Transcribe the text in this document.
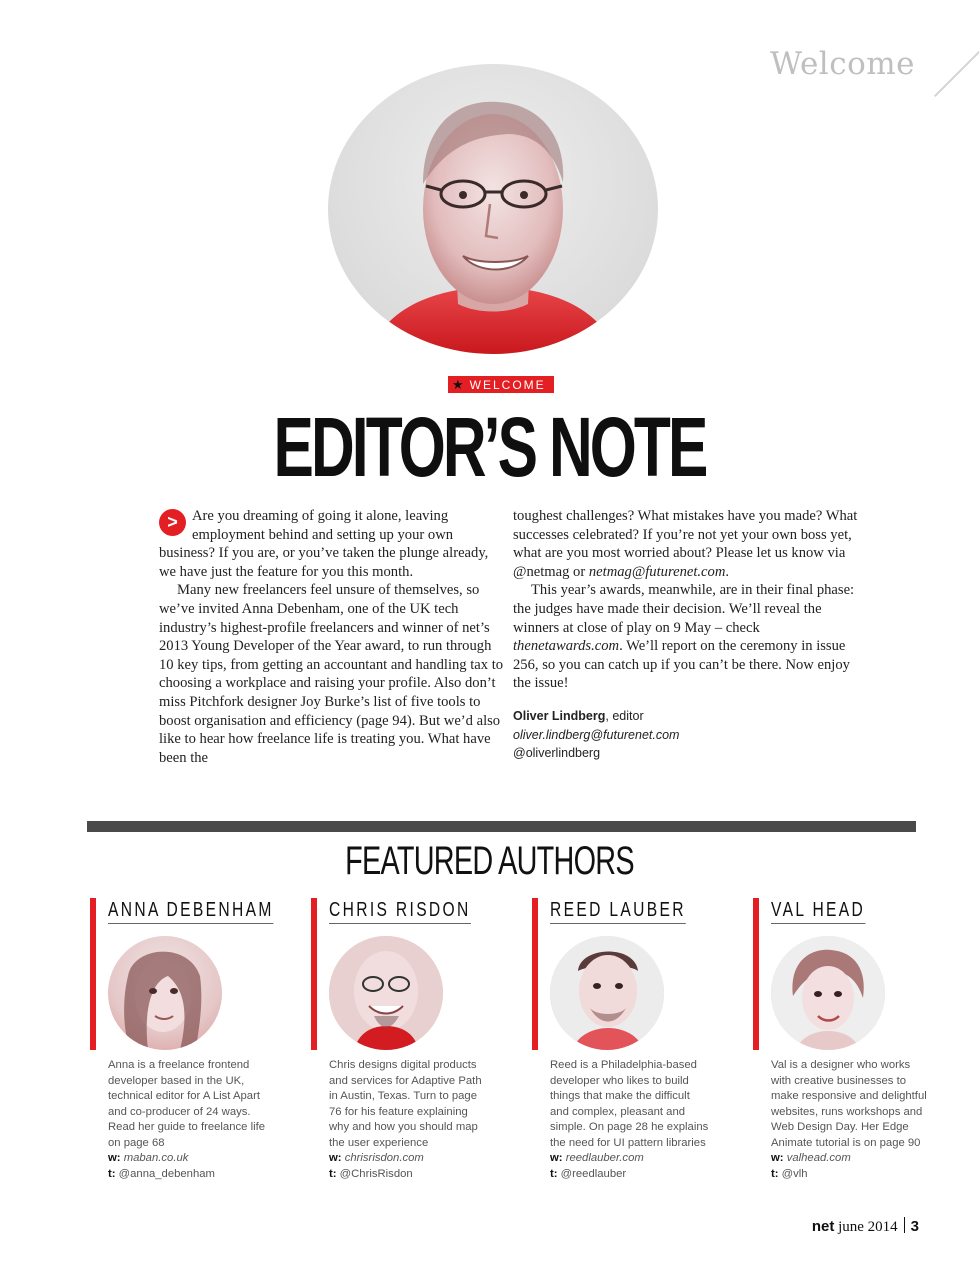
Welcome
★ WELCOME
EDITOR’S NOTE

> Are you dreaming of going it alone, leaving employment behind and setting up your own business? If you are, or you’ve taken the plunge already, we have just the feature for you this month.

Many new freelancers feel unsure of themselves, so we’ve invited Anna Debenham, one of the UK tech industry’s highest-profile freelancers and winner of net’s 2013 Young Developer of the Year award, to run through 10 key tips, from getting an accountant and handling tax to choosing a workplace and raising your profile. Also don’t miss Pitchfork designer Joy Burke’s list of five tools to boost organisation and efficiency (page 94). But we’d also like to hear how freelance life is treating you. What have been the

toughest challenges? What mistakes have you made? What successes celebrated? If you’re not yet your own boss yet, what are you most worried about? Please let us know via @netmag or netmag@futurenet.com.

This year’s awards, meanwhile, are in their final phase: the judges have made their decision. We’ll reveal the winners at close of play on 9 May – check thenetawards.com. We’ll report on the ceremony in issue 256, so you can catch up if you can’t be there. Now enjoy the issue!

Oliver Lindberg, editor
oliver.lindberg@futurenet.com
@oliverlindberg
FEATURED AUTHORS
ANNA DEBENHAM
Anna is a freelance frontend developer based in the UK, technical editor for A List Apart and co-producer of 24 ways. Read her guide to freelance life on page 68
w: maban.co.uk
t: @anna_debenham
CHRIS RISDON
Chris designs digital products and services for Adaptive Path in Austin, Texas. Turn to page 76 for his feature explaining why and how you should map the user experience
w: chrisrisdon.com
t: @ChrisRisdon
REED LAUBER
Reed is a Philadelphia-based developer who likes to build things that make the difficult and complex, pleasant and simple. On page 28 he explains the need for UI pattern libraries
w: reedlauber.com
t: @reedlauber
VAL HEAD
Val is a designer who works with creative businesses to make responsive and delightful websites, runs workshops and Web Design Day. Her Edge Animate tutorial is on page 90
w: valhead.com
t: @vlh
net june 2014 3
